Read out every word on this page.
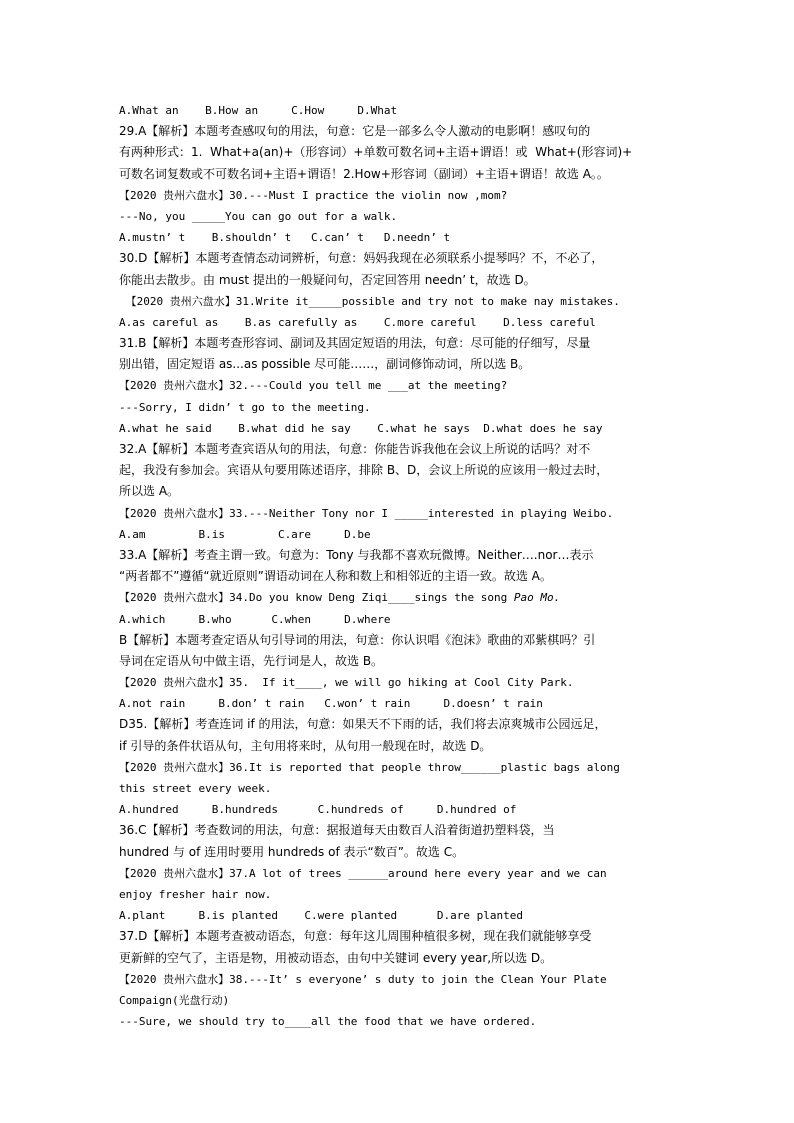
A.What an    B.How an     C.How     D.What
29.A【解析】本题考查感叹句的用法，句意：它是一部多么令人激动的电影啊！感叹句的
有两种形式：1.  What+a(an)+（形容词）+单数可数名词+主语+谓语！或  What+(形容词)+
可数名词复数或不可数名词+主语+谓语！2.How+形容词（副词）+主语+谓语！故选 A。。
【2020 贵州六盘水】30.---Must I practice the violin now ,mom?
---No, you _____You can go out for a walk.
A.mustn’ t    B.shouldn’ t   C.can’ t   D.needn’ t
30.D【解析】本题考查情态动词辨析，句意：妈妈我现在必须联系小提琴吗？不，不必了，
你能出去散步。由 must 提出的一般疑问句，否定回答用 needn’ t，故选 D。
【2020 贵州六盘水】31.Write it_____possible and try not to make nay mistakes.
A.as careful as    B.as carefully as    C.more careful    D.less careful
31.B【解析】本题考查形容词、副词及其固定短语的用法，句意：尽可能的仔细写，尽量
别出错，固定短语 as...as possible 尽可能……，副词修饰动词，所以选 B。
【2020 贵州六盘水】32.---Could you tell me ___at the meeting?
---Sorry, I didn’ t go to the meeting.
A.what he said    B.what did he say    C.what he says  D.what does he say
32.A【解析】本题考查宾语从句的用法，句意：你能告诉我他在会议上所说的话吗？对不
起，我没有参加会。宾语从句要用陈述语序，排除 B、D，会议上所说的应该用一般过去时，
所以选 A。
【2020 贵州六盘水】33.---Neither Tony nor I _____interested in playing Weibo.
A.am        B.is        C.are     D.be
33.A【解析】考查主谓一致。句意为：Tony 与我都不喜欢玩微博。Neither….nor…表示
“两者都不”遵循“就近原则”谓语动词在人称和数上和相邻近的主语一致。故选 A。
【2020 贵州六盘水】34.Do you know Deng Ziqi____sings the song Pao Mo.
A.which     B.who      C.when     D.where
B【解析】本题考查定语从句引导词的用法，句意：你认识唱《泡沫》歌曲的邓紫棋吗？引
导词在定语从句中做主语，先行词是人，故选 B。
【2020 贵州六盘水】35.  If it____, we will go hiking at Cool City Park.
A.not rain     B.don’ t rain   C.won’ t rain     D.doesn’ t rain
D35.【解析】考查连词 if 的用法，句意：如果天不下雨的话，我们将去凉爽城市公园远足，
if 引导的条件状语从句，主句用将来时，从句用一般现在时，故选 D。
【2020 贵州六盘水】36.It is reported that people throw______plastic bags along
this street every week.
A.hundred     B.hundreds      C.hundreds of     D.hundred of
36.C【解析】考查数词的用法，句意：据报道每天由数百人沿着街道扔塑料袋，当
hundred 与 of 连用时要用 hundreds of 表示“数百”。故选 C。
【2020 贵州六盘水】37.A lot of trees ______around here every year and we can
enjoy fresher hair now.
A.plant     B.is planted    C.were planted      D.are planted
37.D【解析】本题考查被动语态，句意：每年这儿周围种植很多树，现在我们就能够享受
更新鲜的空气了，主语是物，用被动语态，由句中关键词 every year,所以选 D。
【2020 贵州六盘水】38.---It’ s everyone’ s duty to join the Clean Your Plate
Compaign(光盘行动)
---Sure, we should try to____all the food that we have ordered.
